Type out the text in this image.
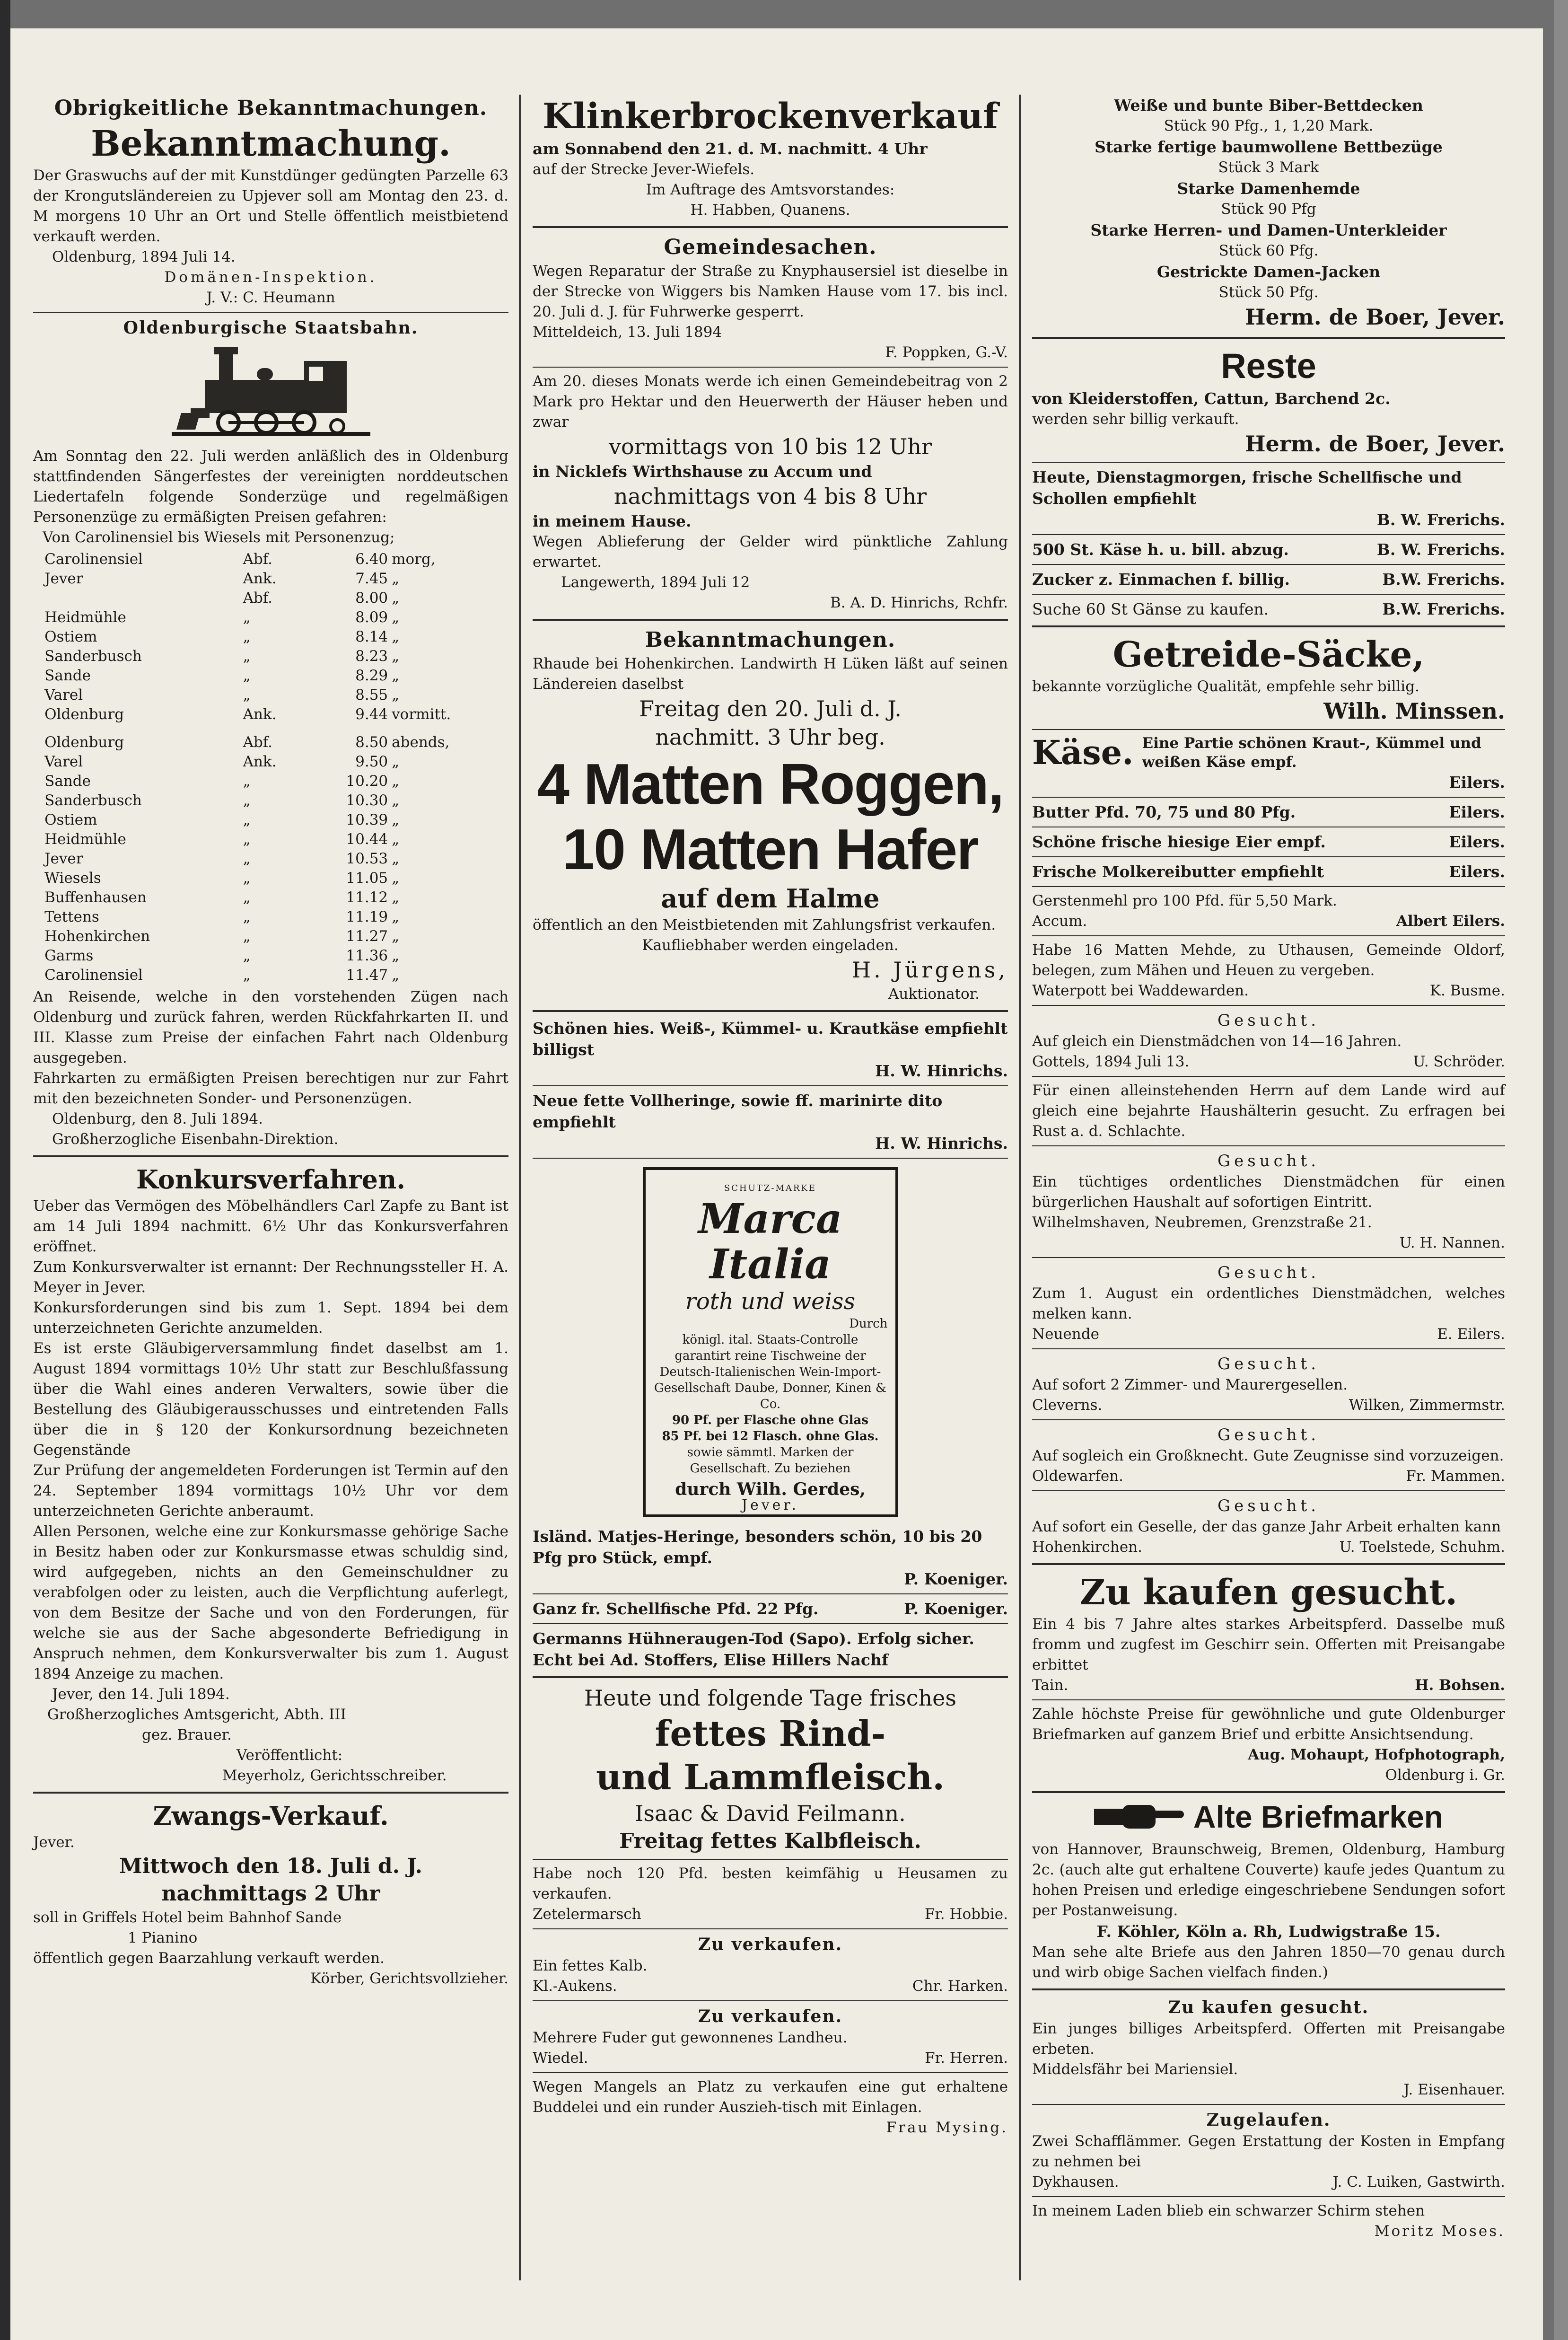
Obrigkeitliche Bekanntmachungen.
Bekanntmachung.

Der Graswuchs auf der mit Kunstdünger gedüngten Parzelle 63 der Krongutsländereien zu Upjever soll am Montag den 23. d. M morgens 10 Uhr an Ort und Stelle öffentlich meistbietend verkauft werden.

Oldenburg, 1894 Juli 14.

Domänen-Inspektion.

J. V.: C. Heumann

Oldenburgische Staatsbahn.

Am Sonntag den 22. Juli werden anläßlich des in Oldenburg stattfindenden Sängerfestes der vereinigten norddeutschen Liedertafeln folgende Sonderzüge und regelmäßigen Personenzüge zu ermäßigten Preisen gefahren:

Von Carolinensiel bis Wiesels mit Personenzug;

Carolinensiel	Abf.	6.40	morg,
Jever	Ank.	7.45	„
	Abf.	8.00	„
Heidmühle	„	8.09	„
Ostiem	„	8.14	„
Sanderbusch	„	8.23	„
Sande	„	8.29	„
Varel	„	8.55	„
Oldenburg	Ank.	9.44	vormitt.
Oldenburg	Abf.	8.50	abends,
Varel	Ank.	9.50	„
Sande	„	10.20	„
Sanderbusch	„	10.30	„
Ostiem	„	10.39	„
Heidmühle	„	10.44	„
Jever	„	10.53	„
Wiesels	„	11.05	„
Buffenhausen	„	11.12	„
Tettens	„	11.19	„
Hohenkirchen	„	11.27	„
Garms	„	11.36	„
Carolinensiel	„	11.47	„

An Reisende, welche in den vorstehenden Zügen nach Oldenburg und zurück fahren, werden Rückfahrkarten II. und III. Klasse zum Preise der einfachen Fahrt nach Oldenburg ausgegeben.

Fahrkarten zu ermäßigten Preisen berechtigen nur zur Fahrt mit den bezeichneten Sonder- und Personenzügen.

Oldenburg, den 8. Juli 1894.

Großherzogliche Eisenbahn-Direktion.

Konkursverfahren.

Ueber das Vermögen des Möbelhändlers Carl Zapfe zu Bant ist am 14 Juli 1894 nachmitt. 6½ Uhr das Konkursverfahren eröffnet.

Zum Konkursverwalter ist ernannt: Der Rechnungssteller H. A. Meyer in Jever.

Konkursforderungen sind bis zum 1. Sept. 1894 bei dem unterzeichneten Gerichte anzumelden.

Es ist erste Gläubigerversammlung findet daselbst am 1. August 1894 vormittags 10½ Uhr statt zur Beschlußfassung über die Wahl eines anderen Verwalters, sowie über die Bestellung des Gläubigerausschusses und eintretenden Falls über die in § 120 der Konkursordnung bezeichneten Gegenstände

Zur Prüfung der angemeldeten Forderungen ist Termin auf den 24. September 1894 vormittags 10½ Uhr vor dem unterzeichneten Gerichte anberaumt.

Allen Personen, welche eine zur Konkursmasse gehörige Sache in Besitz haben oder zur Konkursmasse etwas schuldig sind, wird aufgegeben, nichts an den Gemeinschuldner zu verabfolgen oder zu leisten, auch die Verpflichtung auferlegt, von dem Besitze der Sache und von den Forderungen, für welche sie aus der Sache abgesonderte Befriedigung in Anspruch nehmen, dem Konkursverwalter bis zum 1. August 1894 Anzeige zu machen.

Jever, den 14. Juli 1894.

Großherzogliches Amtsgericht, Abth. III

gez. Brauer.

Veröffentlicht:

Meyerholz, Gerichtsschreiber.

Zwangs-Verkauf.

Jever.

Mittwoch den 18. Juli d. J.
nachmittags 2 Uhr

soll in Griffels Hotel beim Bahnhof Sande

1 Pianino

öffentlich gegen Baarzahlung verkauft werden.

Körber, Gerichtsvollzieher.

Klinkerbrockenverkauf

am Sonnabend den 21. d. M. nachmitt. 4 Uhr

auf der Strecke Jever-Wiefels.

Im Auftrage des Amtsvorstandes:

H. Habben, Quanens.

Gemeindesachen.

Wegen Reparatur der Straße zu Knyphausersiel ist dieselbe in der Strecke von Wiggers bis Namken Hause vom 17. bis incl. 20. Juli d. J. für Fuhrwerke gesperrt.

Mitteldeich, 13. Juli 1894

F. Poppken, G.-V.

Am 20. dieses Monats werde ich einen Gemeindebeitrag von 2 Mark pro Hektar und den Heuerwerth der Häuser heben und zwar

vormittags von 10 bis 12 Uhr

in Nicklefs Wirthshause zu Accum und

nachmittags von 4 bis 8 Uhr

in meinem Hause.

Wegen Ablieferung der Gelder wird pünktliche Zahlung erwartet.

Langewerth, 1894 Juli 12

B. A. D. Hinrichs, Rchfr.

Bekanntmachungen.

Rhaude bei Hohenkirchen. Landwirth H Lüken läßt auf seinen Ländereien daselbst

Freitag den 20. Juli d. J.
nachmitt. 3 Uhr beg.
4 Matten Roggen,
10 Matten Hafer
auf dem Halme

öffentlich an den Meistbietenden mit Zahlungsfrist verkaufen.

Kaufliebhaber werden eingeladen.

H. Jürgens,

Auktionator.

Schönen hies. Weiß-, Kümmel- u. Krautkäse empfiehlt billigst

H. W. Hinrichs.

Neue fette Vollheringe, sowie ff. marinirte dito empfiehlt

H. W. Hinrichs.

SCHUTZ-MARKE
Marca Italia
roth und weiss
Durch
königl. ital. Staats-Controlle garantirt reine Tischweine der Deutsch-Italienischen Wein-Import-Gesellschaft Daube, Donner, Kinen & Co.
90 Pf. per Flasche ohne Glas
85 Pf. bei 12 Flasch. ohne Glas.
sowie sämmtl. Marken der Gesellschaft. Zu beziehen
durch Wilh. Gerdes,
Jever.

Isländ. Matjes-Heringe, besonders schön, 10 bis 20 Pfg pro Stück, empf.

P. Koeniger.

Ganz fr. Schellfische Pfd. 22 Pfg.	P. Koeniger.

Germanns Hühneraugen-Tod (Sapo). Erfolg sicher. Echt bei Ad. Stoffers, Elise Hillers Nachf

Heute und folgende Tage frisches
fettes Rind-
und Lammfleisch.
Isaac & David Feilmann.
Freitag fettes Kalbfleisch.

Habe noch 120 Pfd. besten keimfähig u Heusamen zu verkaufen.

Zetelermarsch	Fr. Hobbie.
Zu verkaufen.

Ein fettes Kalb.

Kl.-Aukens.	Chr. Harken.
Zu verkaufen.

Mehrere Fuder gut gewonnenes Landheu.

Wiedel.	Fr. Herren.

Wegen Mangels an Platz zu verkaufen eine gut erhaltene Buddelei und ein runder Auszieh-tisch mit Einlagen.

Frau Mysing.

Weiße und bunte Biber-Bettdecken

Stück 90 Pfg., 1, 1,20 Mark.

Starke fertige baumwollene Bettbezüge

Stück 3 Mark

Starke Damenhemde

Stück 90 Pfg

Starke Herren- und Damen-Unterkleider

Stück 60 Pfg.

Gestrickte Damen-Jacken

Stück 50 Pfg.

Herm. de Boer, Jever.
Reste

von Kleiderstoffen, Cattun, Barchend 2c.

werden sehr billig verkauft.

Herm. de Boer, Jever.

Heute, Dienstagmorgen, frische Schellfische und Schollen empfiehlt

B. W. Frerichs.

500 St. Käse h. u. bill. abzug.	B. W. Frerichs.
Zucker z. Einmachen f. billig.	B.W. Frerichs.
Suche 60 St Gänse zu kaufen.	B.W. Frerichs.
Getreide-Säcke,

bekannte vorzügliche Qualität, empfehle sehr billig.

Wilh. Minssen.
Käse. Eine Partie schönen Kraut-, Kümmel und weißen Käse empf.

Eilers.

Butter Pfd. 70, 75 und 80 Pfg.	Eilers.
Schöne frische hiesige Eier empf.	Eilers.
Frische Molkereibutter empfiehlt	Eilers.

Gerstenmehl pro 100 Pfd. für 5,50 Mark.

Accum.	Albert Eilers.

Habe 16 Matten Mehde, zu Uthausen, Gemeinde Oldorf, belegen, zum Mähen und Heuen zu vergeben.

Waterpott bei Waddewarden.	K. Busme.
Gesucht.

Auf gleich ein Dienstmädchen von 14—16 Jahren.

Gottels, 1894 Juli 13.	U. Schröder.

Für einen alleinstehenden Herrn auf dem Lande wird auf gleich eine bejahrte Haushälterin gesucht. Zu erfragen bei Rust a. d. Schlachte.

Gesucht.

Ein tüchtiges ordentliches Dienstmädchen für einen bürgerlichen Haushalt auf sofortigen Eintritt.

Wilhelmshaven, Neubremen, Grenzstraße 21.

U. H. Nannen.

Gesucht.

Zum 1. August ein ordentliches Dienstmädchen, welches melken kann.

Neuende	E. Eilers.
Gesucht.

Auf sofort 2 Zimmer- und Maurergesellen.

Cleverns.	Wilken, Zimmermstr.
Gesucht.

Auf sogleich ein Großknecht. Gute Zeugnisse sind vorzuzeigen.

Oldewarfen.	Fr. Mammen.
Gesucht.

Auf sofort ein Geselle, der das ganze Jahr Arbeit erhalten kann

Hohenkirchen.	U. Toelstede, Schuhm.
Zu kaufen gesucht.

Ein 4 bis 7 Jahre altes starkes Arbeitspferd. Dasselbe muß fromm und zugfest im Geschirr sein. Offerten mit Preisangabe erbittet

Tain.	H. Bohsen.

Zahle höchste Preise für gewöhnliche und gute Oldenburger Briefmarken auf ganzem Brief und erbitte Ansichtsendung.

Aug. Mohaupt, Hofphotograph,

Oldenburg i. Gr.

Alte Briefmarken

von Hannover, Braunschweig, Bremen, Oldenburg, Hamburg 2c. (auch alte gut erhaltene Couverte) kaufe jedes Quantum zu hohen Preisen und erledige eingeschriebene Sendungen sofort per Postanweisung.

F. Köhler, Köln a. Rh, Ludwigstraße 15.

Man sehe alte Briefe aus den Jahren 1850—70 genau durch und wirb obige Sachen vielfach finden.)

Zu kaufen gesucht.

Ein junges billiges Arbeitspferd. Offerten mit Preisangabe erbeten.

Middelsfähr bei Mariensiel.

J. Eisenhauer.

Zugelaufen.

Zwei Schafflämmer. Gegen Erstattung der Kosten in Empfang zu nehmen bei

Dykhausen.	J. C. Luiken, Gastwirth.

In meinem Laden blieb ein schwarzer Schirm stehen

Moritz Moses.
